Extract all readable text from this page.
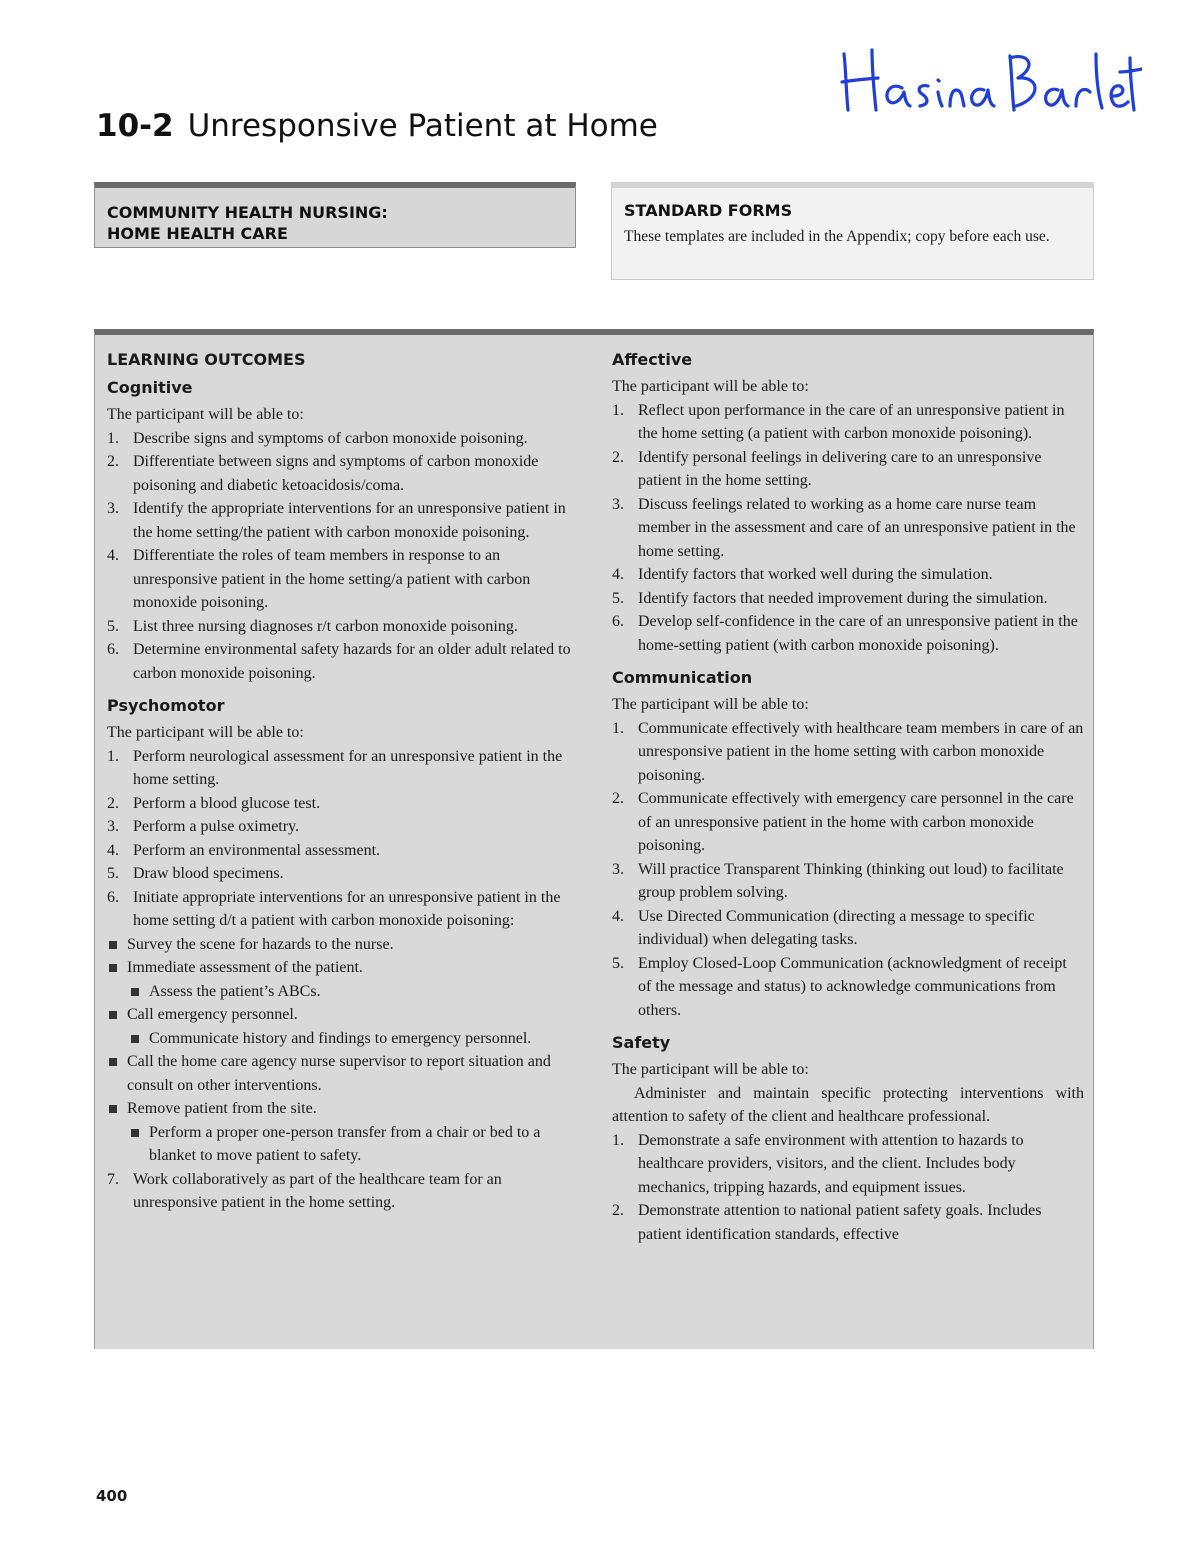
10-2 Unresponsive Patient at Home
COMMUNITY HEALTH NURSING:
HOME HEALTH CARE
STANDARD FORMS
These templates are included in the Appendix; copy before each use.
LEARNING OUTCOMES
Cognitive

The participant will be able to:

1. Describe signs and symptoms of carbon monoxide poisoning.
2. Differentiate between signs and symptoms of carbon monoxide poisoning and diabetic ketoacidosis/coma.
3. Identify the appropriate interventions for an unresponsive patient in the home setting/the patient with carbon monoxide poisoning.
4. Differentiate the roles of team members in response to an unresponsive patient in the home setting/a patient with carbon monoxide poisoning.
5. List three nursing diagnoses r/t carbon monoxide poisoning.
6. Determine environmental safety hazards for an older adult related to carbon monoxide poisoning.
Psychomotor

The participant will be able to:

1. Perform neurological assessment for an unresponsive patient in the home setting.
2. Perform a blood glucose test.
3. Perform a pulse oximetry.
4. Perform an environmental assessment.
5. Draw blood specimens.
6. Initiate appropriate interventions for an unresponsive patient in the home setting d/t a patient with carbon monoxide poisoning:
Survey the scene for hazards to the nurse.
Immediate assessment of the patient.
Assess the patient’s ABCs.
Call emergency personnel.
Communicate history and findings to emergency personnel.
Call the home care agency nurse supervisor to report situation and consult on other interventions.
Remove patient from the site.
Perform a proper one-person transfer from a chair or bed to a blanket to move patient to safety.
7. Work collaboratively as part of the healthcare team for an unresponsive patient in the home setting.
Affective

The participant will be able to:

1. Reflect upon performance in the care of an unresponsive patient in the home setting (a patient with carbon monoxide poisoning).
2. Identify personal feelings in delivering care to an unresponsive patient in the home setting.
3. Discuss feelings related to working as a home care nurse team member in the assessment and care of an unresponsive patient in the home setting.
4. Identify factors that worked well during the simulation.
5. Identify factors that needed improvement during the simulation.
6. Develop self-confidence in the care of an unresponsive patient in the home-setting patient (with carbon monoxide poisoning).
Communication

The participant will be able to:

1. Communicate effectively with healthcare team members in care of an unresponsive patient in the home setting with carbon monoxide poisoning.
2. Communicate effectively with emergency care personnel in the care of an unresponsive patient in the home with carbon monoxide poisoning.
3. Will practice Transparent Thinking (thinking out loud) to facilitate group problem solving.
4. Use Directed Communication (directing a message to specific individual) when delegating tasks.
5. Employ Closed-Loop Communication (acknowledgment of receipt of the message and status) to acknowledge communications from others.
Safety

The participant will be able to:

Administer and maintain specific protecting interventions with attention to safety of the client and healthcare professional.

1. Demonstrate a safe environment with attention to hazards to healthcare providers, visitors, and the client. Includes body mechanics, tripping hazards, and equipment issues.
2. Demonstrate attention to national patient safety goals. Includes patient identification standards, effective
400
